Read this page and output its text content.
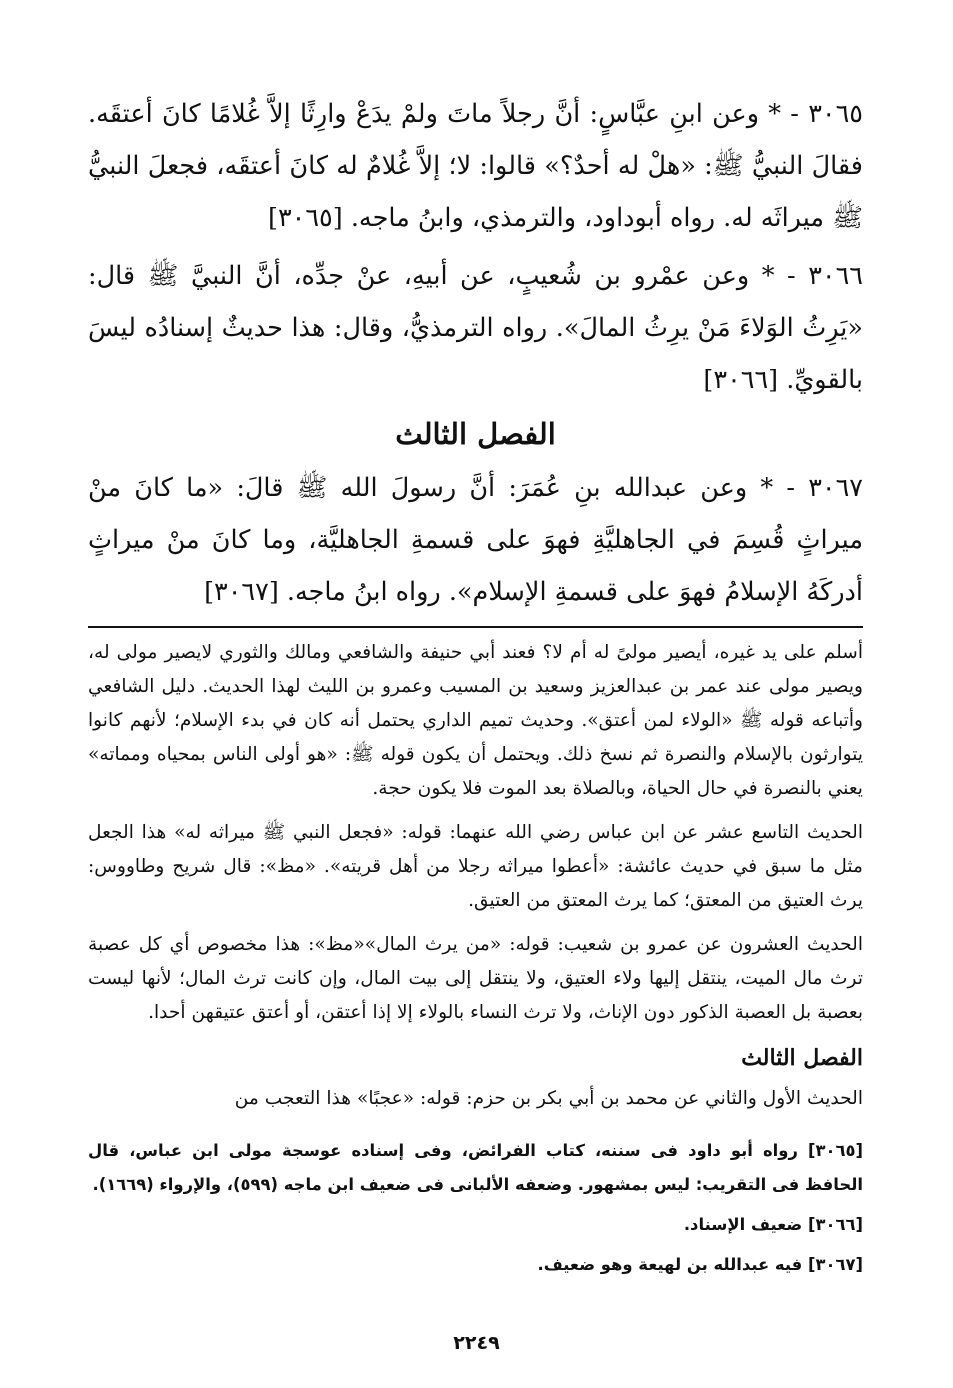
٣٠٦٥ - * وعن ابنِ عبَّاسٍ: أنَّ رجلاً ماتَ ولمْ يدَعْ وارِثًا إلاَّ غُلامًا كانَ أعتقَه. فقالَ النبيُّ ﷺ: «هلْ له أحدٌ؟» قالوا: لا؛ إلاَّ غُلامٌ له كانَ أعتقَه، فجعلَ النبيُّ ﷺ ميراثَه له. رواه أبوداود، والترمذي، وابنُ ماجه. [٣٠٦٥]

٣٠٦٦ - * وعن عمْرو بن شُعيبٍ، عن أبيهِ، عنْ جدِّه، أنَّ النبيَّ ﷺ قال: «يَرِثُ الوَلاءَ مَنْ يرِثُ المالَ». رواه الترمذيُّ، وقال: هذا حديثٌ إسنادُه ليسَ بالقويِّ. [٣٠٦٦]

الفصل الثالث

٣٠٦٧ - * وعن عبدالله بنِ عُمَرَ: أنَّ رسولَ الله ﷺ قالَ: «ما كانَ منْ ميراثٍ قُسِمَ في الجاهليَّةِ فهوَ على قسمةِ الجاهليَّة، وما كانَ منْ ميراثٍ أدركَهُ الإسلامُ فهوَ على قسمةِ الإسلام». رواه ابنُ ماجه. [٣٠٦٧]

أسلم على يد غيره، أيصير مولىً له أم لا؟ فعند أبي حنيفة والشافعي ومالك والثوري لايصير مولى له، ويصير مولى عند عمر بن عبدالعزيز وسعيد بن المسيب وعمرو بن الليث لهذا الحديث. دليل الشافعي وأتباعه قوله ﷺ «الولاء لمن أعتق». وحديث تميم الداري يحتمل أنه كان في بدء الإسلام؛ لأنهم كانوا يتوارثون بالإسلام والنصرة ثم نسخ ذلك. ويحتمل أن يكون قوله ﷺ: «هو أولى الناس بمحياه ومماته» يعني بالنصرة في حال الحياة، وبالصلاة بعد الموت فلا يكون حجة.

الحديث التاسع عشر عن ابن عباس رضي الله عنهما: قوله: «فجعل النبي ﷺ ميراثه له» هذا الجعل مثل ما سبق في حديث عائشة: «أعطوا ميراثه رجلا من أهل قريته». «مظ»: قال شريح وطاووس: يرث العتيق من المعتق؛ كما يرث المعتق من العتيق.

الحديث العشرون عن عمرو بن شعيب: قوله: «من يرث المال»«مظ»: هذا مخصوص أي كل عصبة ترث مال الميت، ينتقل إليها ولاء العتيق، ولا ينتقل إلى بيت المال، وإن كانت ترث المال؛ لأنها ليست بعصبة بل العصبة الذكور دون الإناث، ولا ترث النساء بالولاء إلا إذا أعتقن، أو أعتق عتيقهن أحدا.

الفصل الثالث

الحديث الأول والثاني عن محمد بن أبي بكر بن حزم: قوله: «عجبًا» هذا التعجب من

[٣٠٦٥] رواه أبو داود فى سننه، كتاب الفرائض، وفى إسناده عوسجة مولى ابن عباس، قال الحافظ فى التقريب: ليس بمشهور. وضعفه الألبانى فى ضعيف ابن ماجه (٥٩٩)، والإرواء (١٦٦٩).

[٣٠٦٦] ضعيف الإسناد.

[٣٠٦٧] فيه عبدالله بن لهيعة وهو ضعيف.

٢٢٤٩
